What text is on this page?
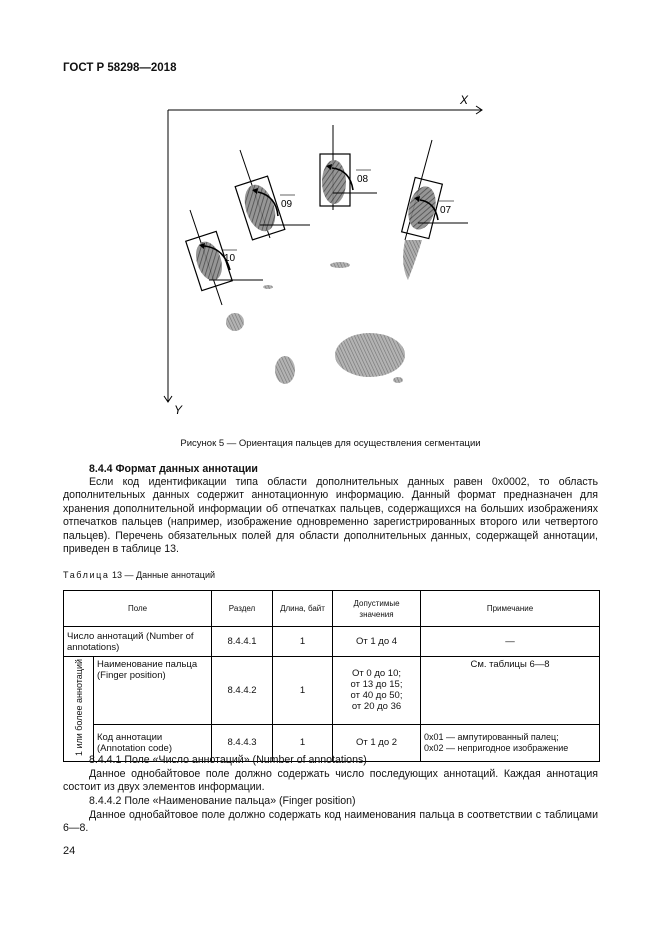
ГОСТ Р 58298—2018
X
Y
10
09
08
07
Рисунок 5 — Ориентация пальцев для осуществления сегментации
8.4.4 Формат данных аннотации
Если код идентификации типа области дополнительных данных равен 0x0002, то область дополнительных данных содержит аннотационную информацию. Данный формат предназначен для хранения дополнительной информации об отпечатках пальцев, содержащихся на больших изображениях отпечатков пальцев (например, изображение одновременно зарегистрированных второго или четвертого пальцев). Перечень обязательных полей для области дополнительных данных, содержащей аннотации, приведен в таблице 13.
Таблица 13 — Данные аннотаций
Поле		Раздел	Длина, байт	Допустимые значения	Примечание
Число аннотаций (Number of annotations)		8.4.4.1	1	От 1 до 4	—
1 или более аннотаций	Наименование пальца (Finger position)	8.4.4.2	1	От 0 до 10;
от 13 до 15;
от 40 до 50;
от 20 до 36	См. таблицы 6—8
	Код аннотации (Annotation code)	8.4.4.3	1	От 1 до 2	0x01 — ампутированный палец;
0x02 — непригодное изображение
8.4.4.1 Поле «Число аннотаций» (Number of annotations)
Данное однобайтовое поле должно содержать число последующих аннотаций. Каждая аннотация состоит из двух элементов информации.
8.4.4.2 Поле «Наименование пальца» (Finger position)
Данное однобайтовое поле должно содержать код наименования пальца в соответствии с таблицами 6—8.
24
